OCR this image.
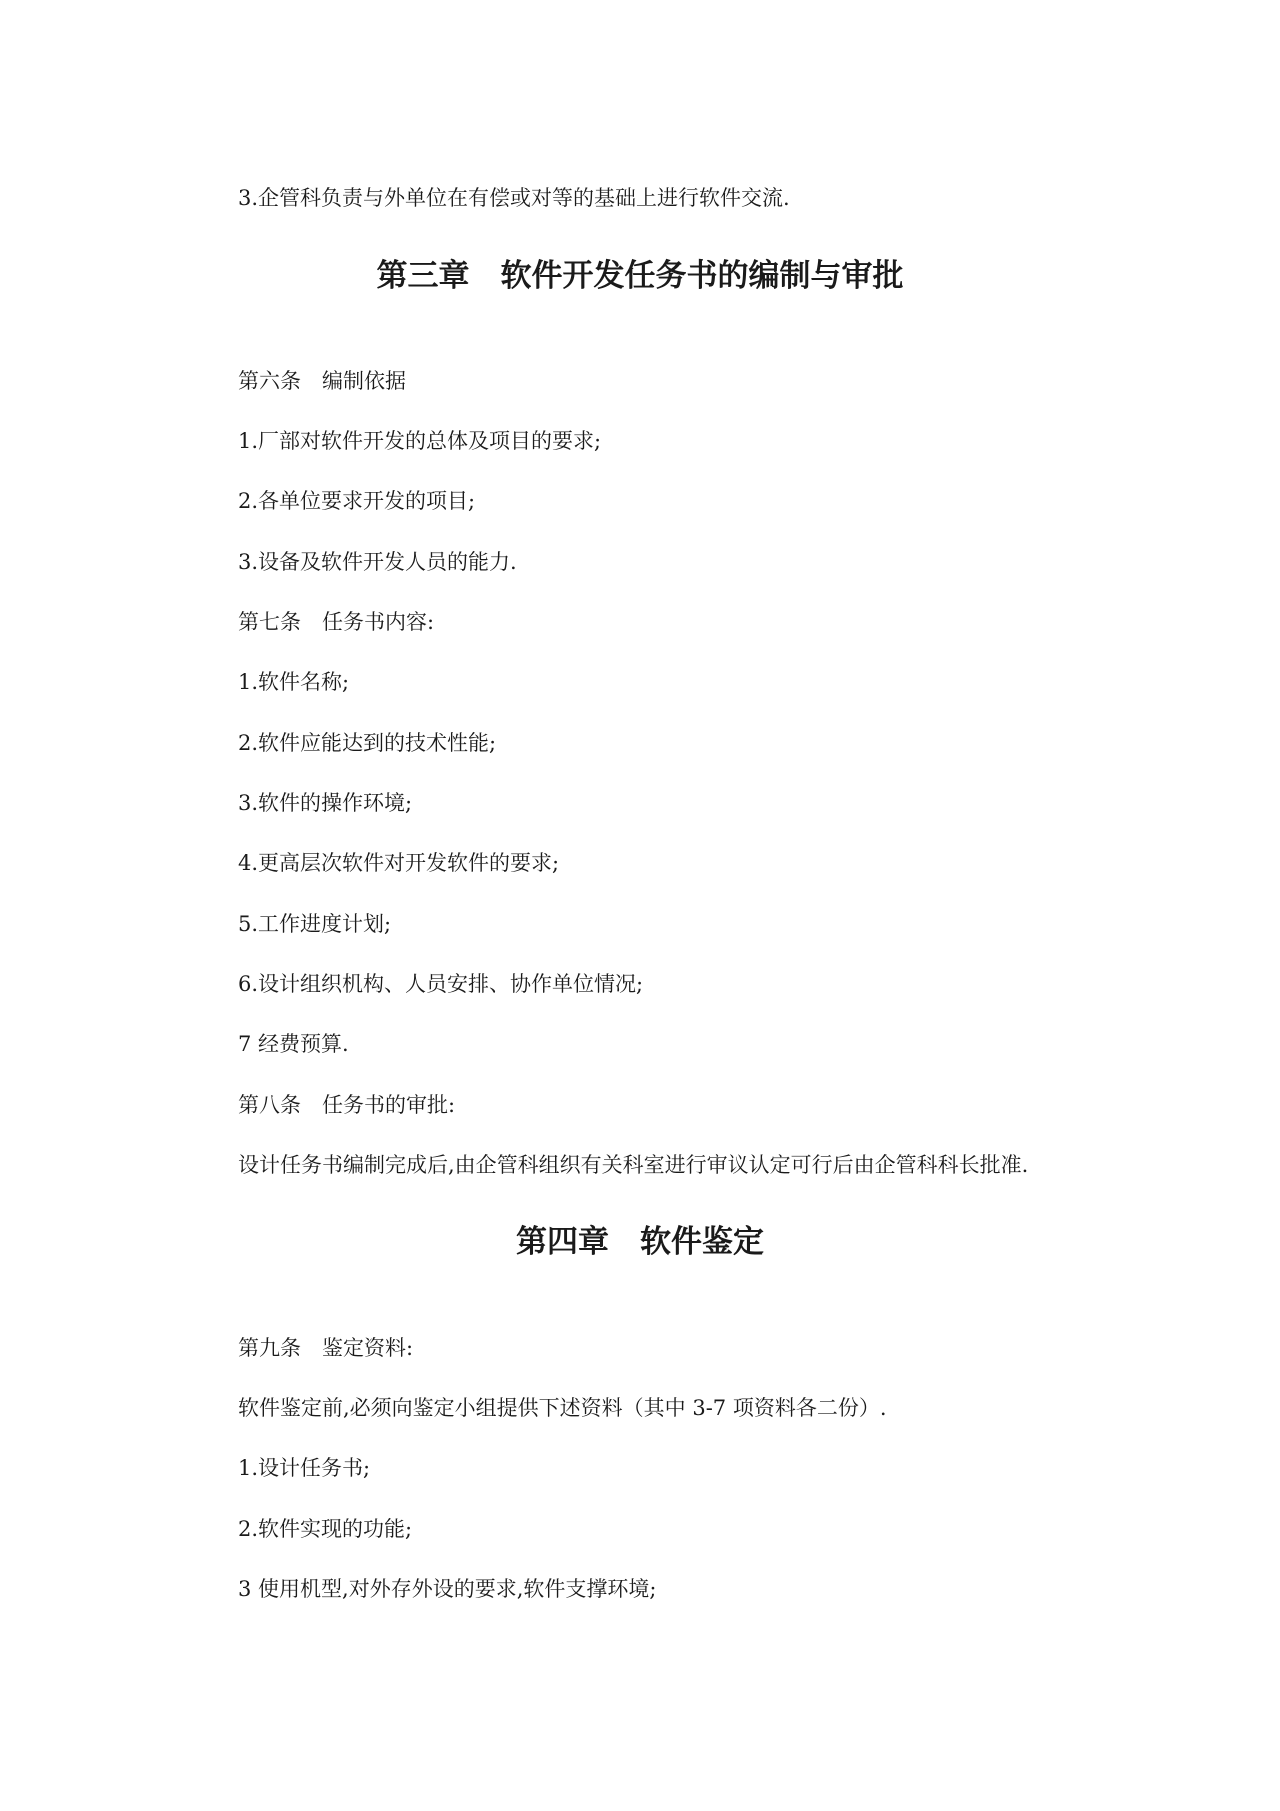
3.企管科负责与外单位在有偿或对等的基础上进行软件交流.
第三章　软件开发任务书的编制与审批
第六条　编制依据
1.厂部对软件开发的总体及项目的要求;
2.各单位要求开发的项目;
3.设备及软件开发人员的能力.
第七条　任务书内容:
1.软件名称;
2.软件应能达到的技术性能;
3.软件的操作环境;
4.更高层次软件对开发软件的要求;
5.工作进度计划;
6.设计组织机构、人员安排、协作单位情况;
7 经费预算.
第八条　任务书的审批:
设计任务书编制完成后,由企管科组织有关科室进行审议认定可行后由企管科科长批准.
第四章　软件鉴定
第九条　鉴定资料:
软件鉴定前,必须向鉴定小组提供下述资料（其中 3-7 项资料各二份）.
1.设计任务书;
2.软件实现的功能;
3 使用机型,对外存外设的要求,软件支撑环境;
